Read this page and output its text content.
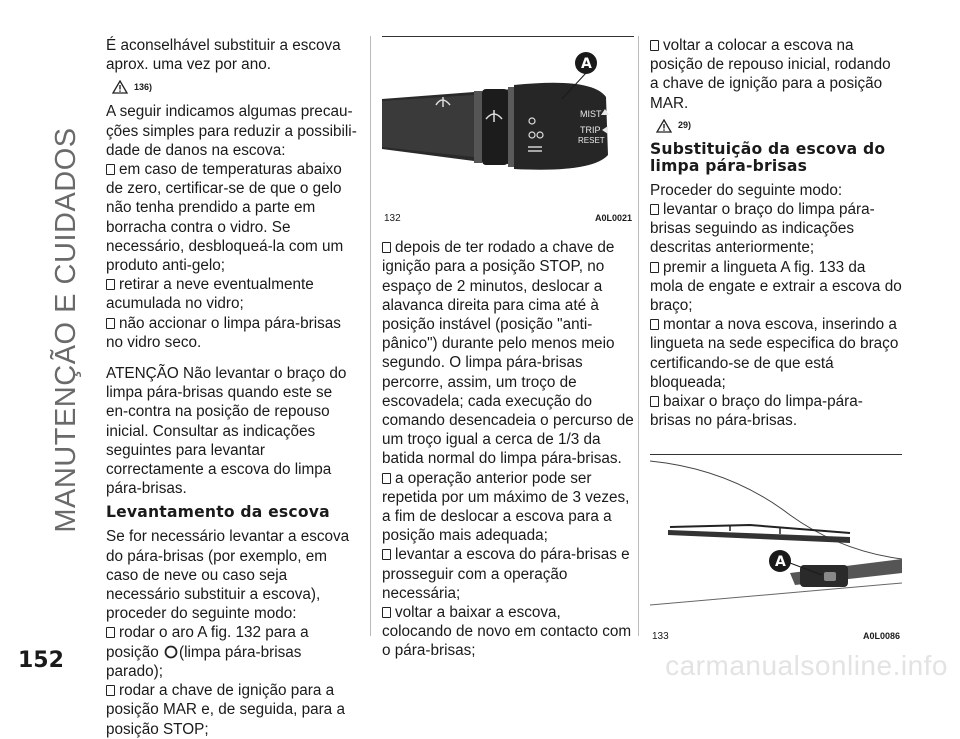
MANUTENÇÃO E CUIDADOS
152	carmanualsonline.info

É aconselhável substituir a escova aprox. uma vez por ano.

136)

A seguir indicamos algumas precau-ções simples para reduzir a possibili-dade de danos na escova:

em caso de temperaturas abaixo de zero, certificar-se de que o gelo não tenha prendido a parte em borracha contra o vidro. Se necessário, desbloqueá-la com um produto anti-gelo;

retirar a neve eventualmente acumulada no vidro;

não accionar o limpa pára-brisas no vidro seco.

ATENÇÃO Não levantar o braço do limpa pára-brisas quando este se en-contra na posição de repouso inicial. Consultar as indicações seguintes para levantar correctamente a escova do limpa pára-brisas.

Levantamento da escova

Se for necessário levantar a escova do pára-brisas (por exemplo, em caso de neve ou caso seja necessário substituir a escova), proceder do seguinte modo:

rodar o aro A fig. 132 para a posição (limpa pára-brisas parado);

rodar a chave de ignição para a posição MAR e, de seguida, para a posição STOP;

MIST
TRIP
RESET
A
132	A0L0021

depois de ter rodado a chave de ignição para a posição STOP, no espaço de 2 minutos, deslocar a alavanca direita para cima até à posição instável (posição "anti-pânico") durante pelo menos meio segundo. O limpa pára-brisas percorre, assim, um troço de escovadela; cada execução do comando desencadeia o percurso de um troço igual a cerca de 1/3 da batida normal do limpa pára-brisas.

a operação anterior pode ser repetida por um máximo de 3 vezes, a fim de deslocar a escova para a posição mais adequada;

levantar a escova do pára-brisas e prosseguir com a operação necessária;

voltar a baixar a escova, colocando de novo em contacto com o pára-brisas;

voltar a colocar a escova na posição de repouso inicial, rodando a chave de ignição para a posição MAR.

29)
Substituição da escova do limpa pára-brisas

Proceder do seguinte modo:

levantar o braço do limpa pára-brisas seguindo as indicações descritas anteriormente;

premir a lingueta A fig. 133 da mola de engate e extrair a escova do braço;

montar a nova escova, inserindo a lingueta na sede especifica do braço certificando-se de que está bloqueada;

baixar o braço do limpa-pára-brisas no pára-brisas.

A
133	A0L0086
